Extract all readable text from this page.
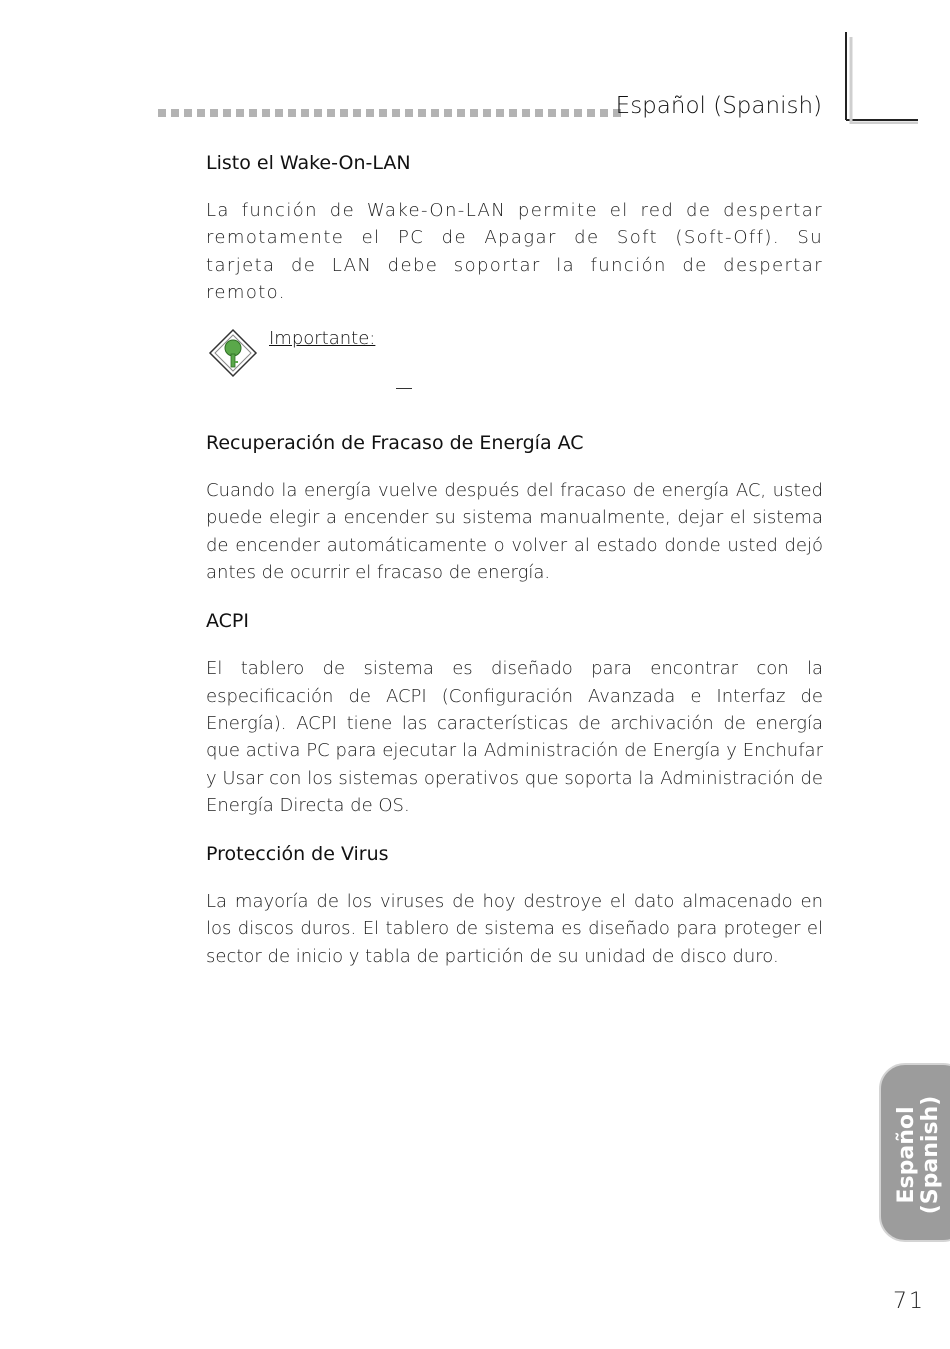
Español (Spanish)
Listo el Wake-On-LAN

La función de Wake-On-LAN permite el red de despertar remotamente el PC de Apagar de Soft (Soft-Off). Su tarjeta de LAN debe soportar la función de despertar remoto.

Importante:
Recuperación de Fracaso de Energía AC

Cuando la energía vuelve después del fracaso de energía AC, usted puede elegir a encender su sistema manualmente, dejar el sistema de encender automáticamente o volver al estado donde usted dejó antes de ocurrir el fracaso de energía.

ACPI

El tablero de sistema es diseñado para encontrar con la especificación de ACPI (Configuración Avanzada e Interfaz de Energía). ACPI tiene las características de archivación de energía que activa PC para ejecutar la Administración de Energía y Enchufar y Usar con los sistemas operativos que soporta la Administración de Energía Directa de OS.

Protección de Virus

La mayoría de los viruses de hoy destroye el dato almacenado en los discos duros. El tablero de sistema es diseñado para proteger el sector de inicio y tabla de partición de su unidad de disco duro.

Español (Spanish)
71
